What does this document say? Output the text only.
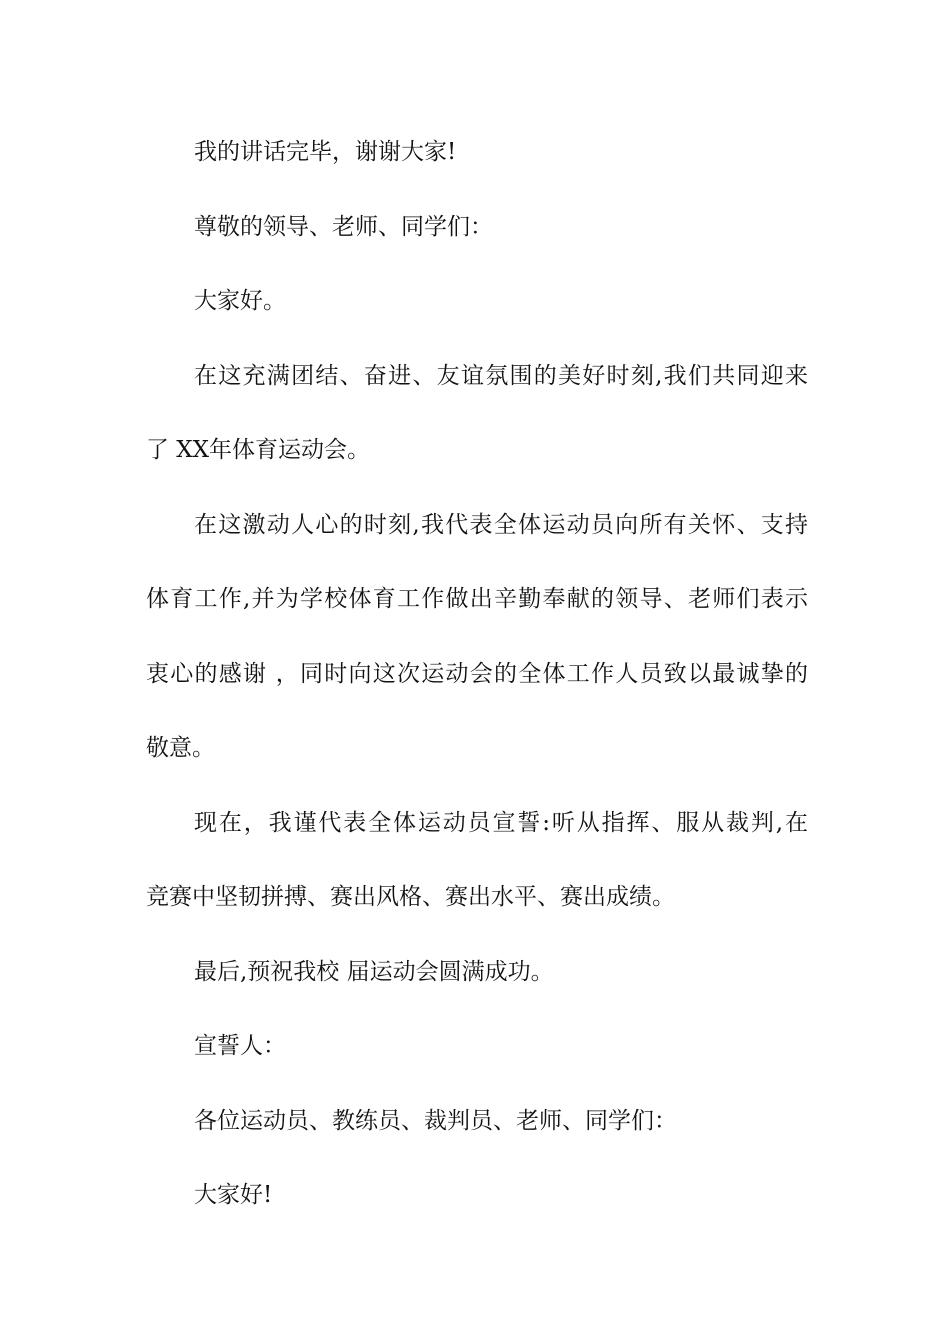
我的讲话完毕，谢谢大家!

尊敬的领导、老师、同学们：

大家好。

在这充满团结、奋进、友谊氛围的美好时刻,我们共同迎来

了 XX年体育运动会。

在这激动人心的时刻,我代表全体运动员向所有关怀、支持

体育工作,并为学校体育工作做出辛勤奉献的领导、老师们表示

衷心的感谢 ，同时向这次运动会的全体工作人员致以最诚挚的

敬意。

现在，我谨代表全体运动员宣誓:听从指挥、服从裁判,在

竞赛中坚韧拼搏、赛出风格、赛出水平、赛出成绩。

最后,预祝我校 届运动会圆满成功。

宣誓人：

各位运动员、教练员、裁判员、老师、同学们：

大家好!
